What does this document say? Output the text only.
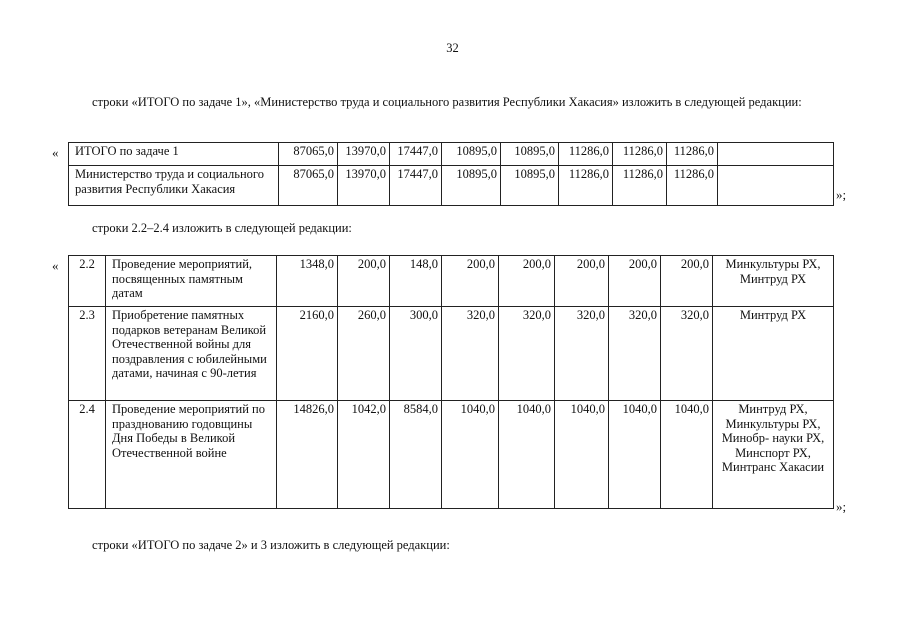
32
строки «ИТОГО по задаче 1», «Министерство труда и социального развития Республики Хакасия» изложить в следующей редакции:
« ИТОГО по задаче 1	87065,0	13970,0	17447,0	10895,0	10895,0	11286,0	11286,0	11286,0	
Министерство труда и социального развития Республики Хакасия	87065,0	13970,0	17447,0	10895,0	10895,0	11286,0	11286,0	11286,0	
»;
строки 2.2–2.4 изложить в следующей редакции:
« 2.2	Проведение мероприятий, посвященных памятным датам	1348,0	200,0	148,0	200,0	200,0	200,0	200,0	200,0	Минкультуры РХ, Минтруд РХ
2.3	Приобретение памятных подарков ветеранам Великой Отечественной войны для поздравления с юбилейными датами, начиная с 90-летия	2160,0	260,0	300,0	320,0	320,0	320,0	320,0	320,0	Минтруд РХ
2.4	Проведение мероприятий по празднованию годовщины Дня Победы в Великой Отечественной войне	14826,0	1042,0	8584,0	1040,0	1040,0	1040,0	1040,0	1040,0	Минтруд РХ, Минкультуры РХ, Минобр- науки РХ, Минспорт РХ, Минтранс Хакасии
»;
строки «ИТОГО по задаче 2» и 3 изложить в следующей редакции:
